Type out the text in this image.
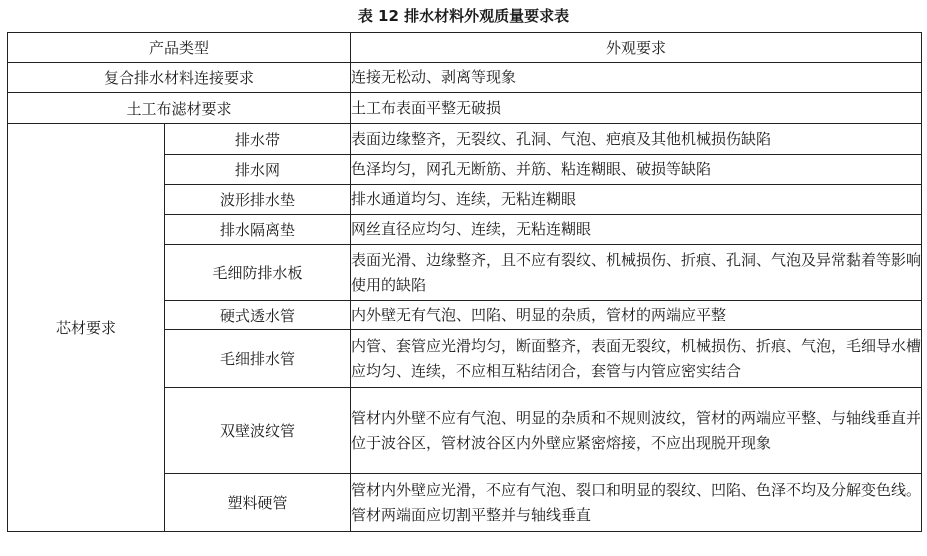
表 12 排水材料外观质量要求表
产品类型		外观要求
复合排水材料连接要求		连接无松动、剥离等现象
土工布滤材要求		土工布表面平整无破损
芯材要求	排水带	表面边缘整齐，无裂纹、孔洞、气泡、疤痕及其他机械损伤缺陷
	排水网	色泽均匀，网孔无断筋、并筋、粘连糊眼、破损等缺陷
	波形排水垫	排水通道均匀、连续，无粘连糊眼
	排水隔离垫	网丝直径应均匀、连续，无粘连糊眼
	毛细防排水板	表面光滑、边缘整齐，且不应有裂纹、机械损伤、折痕、孔洞、气泡及异常黏着等影响使用的缺陷
	硬式透水管	内外壁无有气泡、凹陷、明显的杂质，管材的两端应平整
	毛细排水管	内管、套管应光滑均匀，断面整齐，表面无裂纹，机械损伤、折痕、气泡，毛细导水槽应均匀、连续，不应相互粘结闭合，套管与内管应密实结合
	双壁波纹管	管材内外壁不应有气泡、明显的杂质和不规则波纹，管材的两端应平整、与轴线垂直并位于波谷区，管材波谷区内外壁应紧密熔接，不应出现脱开现象
	塑料硬管	管材内外壁应光滑，不应有气泡、裂口和明显的裂纹、凹陷、色泽不均及分解变色线。管材两端面应切割平整并与轴线垂直
